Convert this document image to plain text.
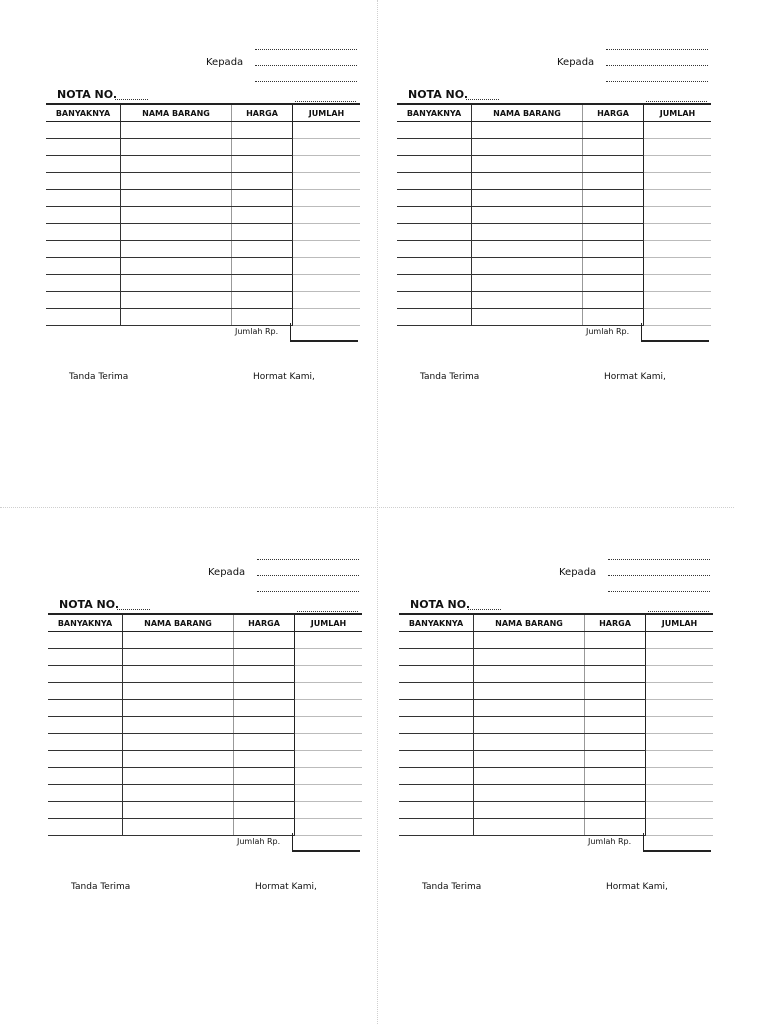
Kepada
NOTA NO.
BANYAKNYA	NAMA BARANG	HARGA	JUMLAH

Jumlah Rp.
Tanda Terima	Hormat Kami,
Kepada
NOTA NO.
BANYAKNYA	NAMA BARANG	HARGA	JUMLAH

Jumlah Rp.
Tanda Terima	Hormat Kami,
Kepada
NOTA NO.
BANYAKNYA	NAMA BARANG	HARGA	JUMLAH

Jumlah Rp.
Tanda Terima	Hormat Kami,
Kepada
NOTA NO.
BANYAKNYA	NAMA BARANG	HARGA	JUMLAH

Jumlah Rp.
Tanda Terima	Hormat Kami,
